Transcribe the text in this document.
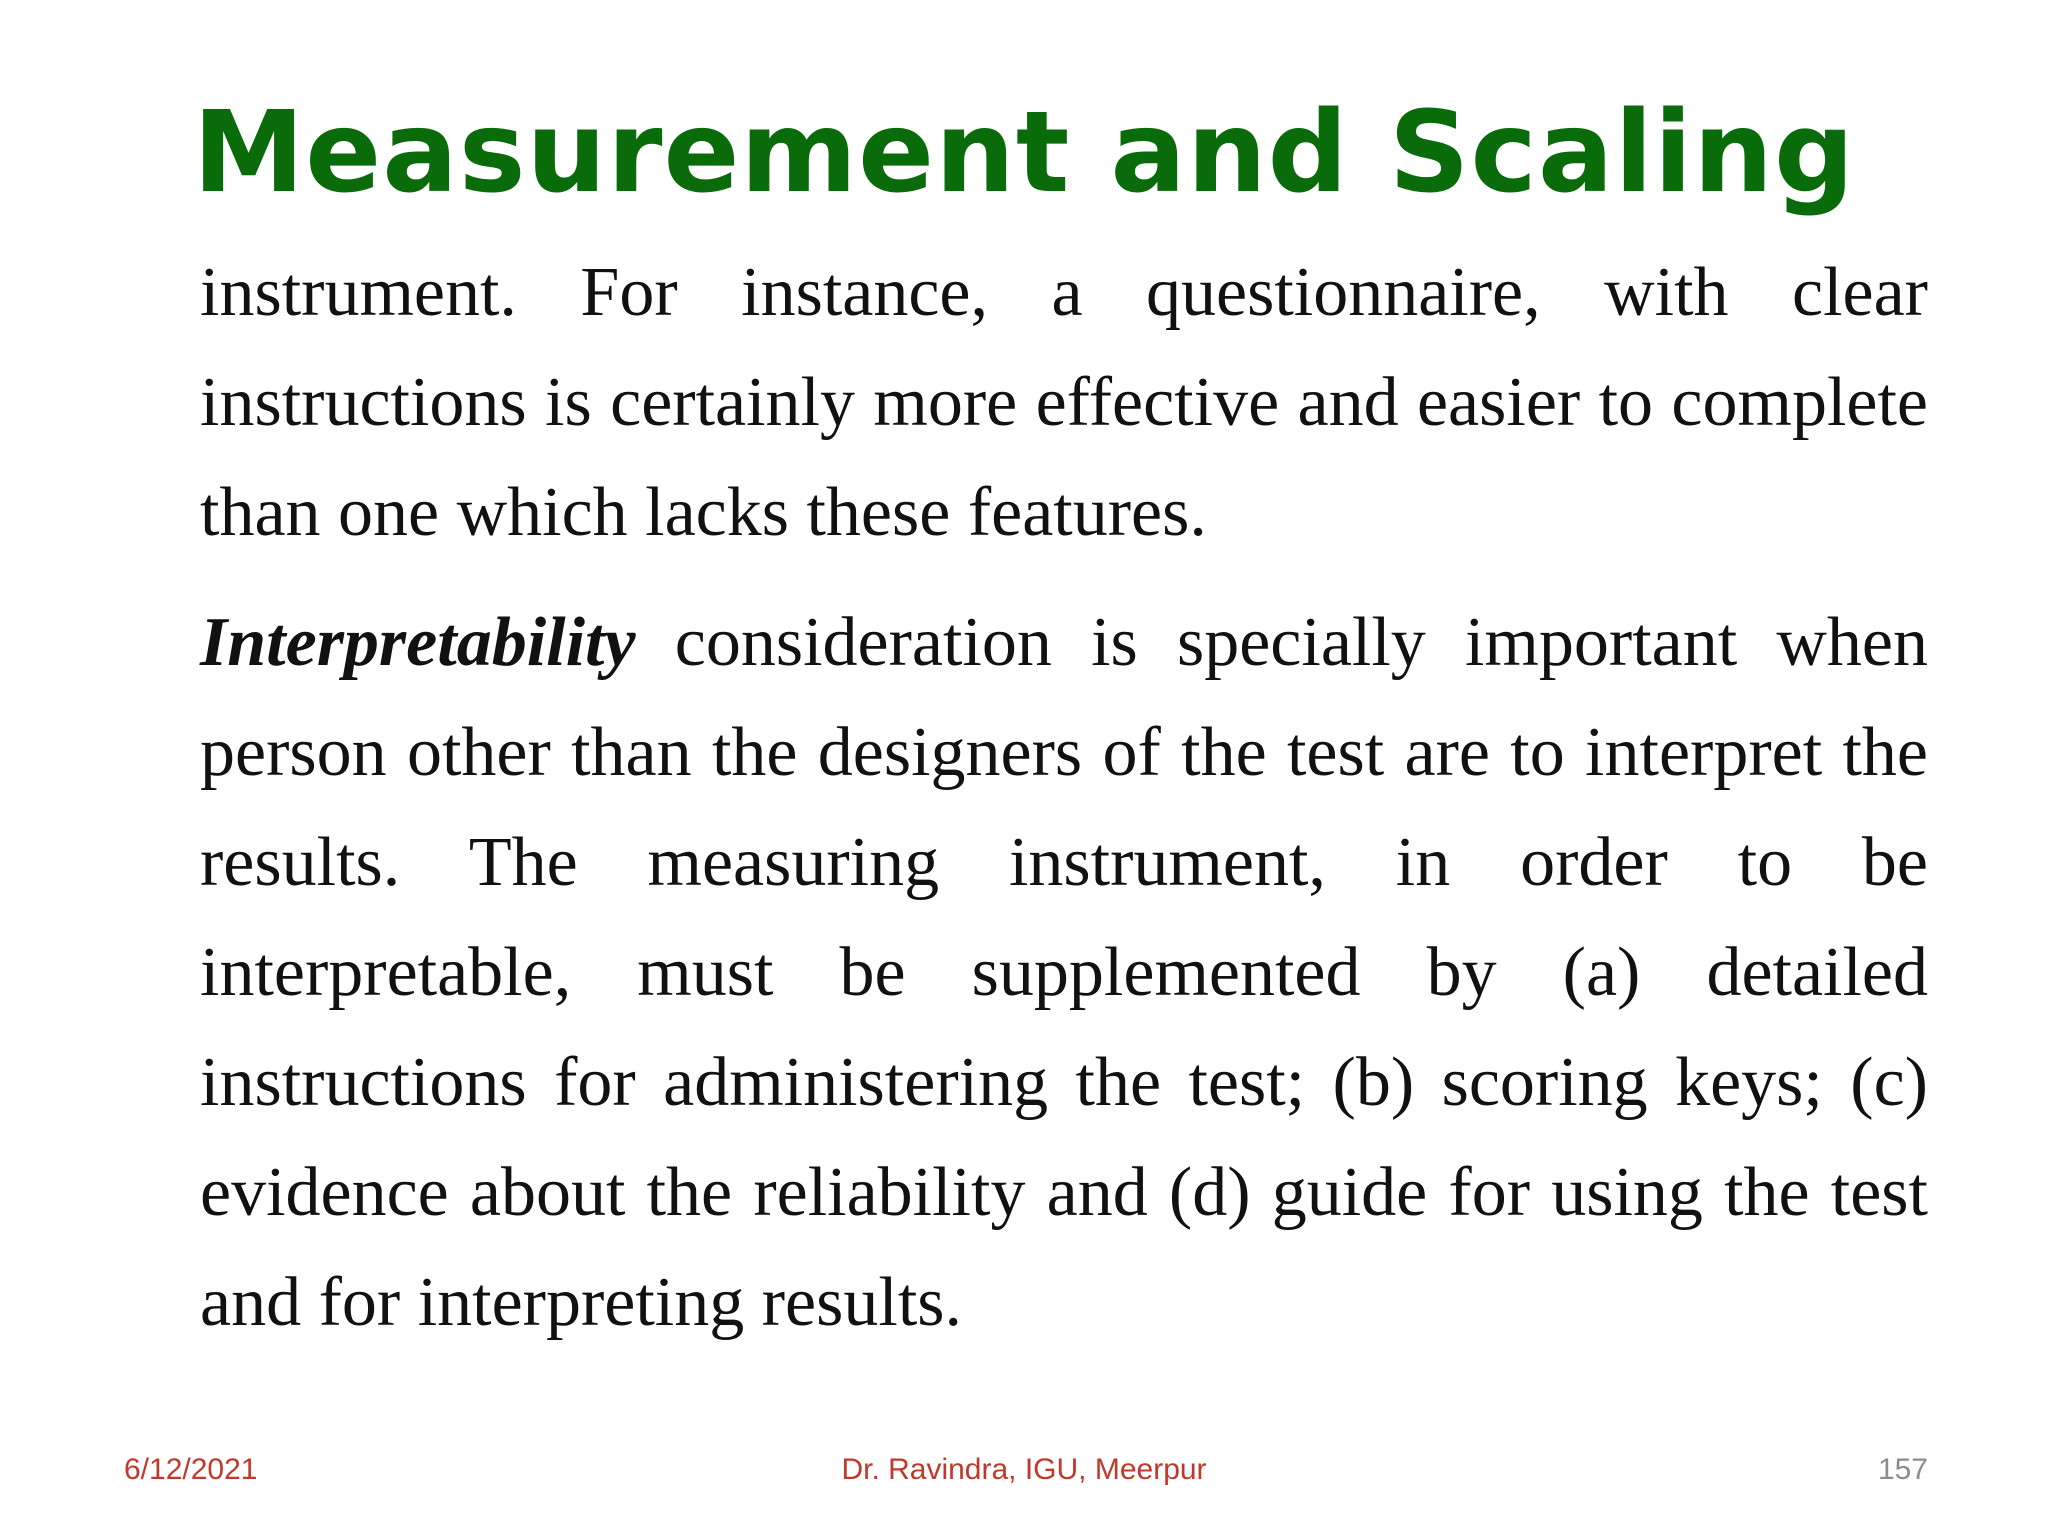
Measurement and Scaling

instrument. For instance, a questionnaire, with clear instructions is certainly more effective and easier to complete than one which lacks these features.

Interpretability consideration is specially important when person other than the designers of the test are to interpret the results. The measuring instrument, in order to be interpretable, must be supplemented by (a) detailed instructions for administering the test; (b) scoring keys; (c) evidence about the reliability and (d) guide for using the test and for interpreting results.

6/12/2021	Dr. Ravindra, IGU, Meerpur	157
